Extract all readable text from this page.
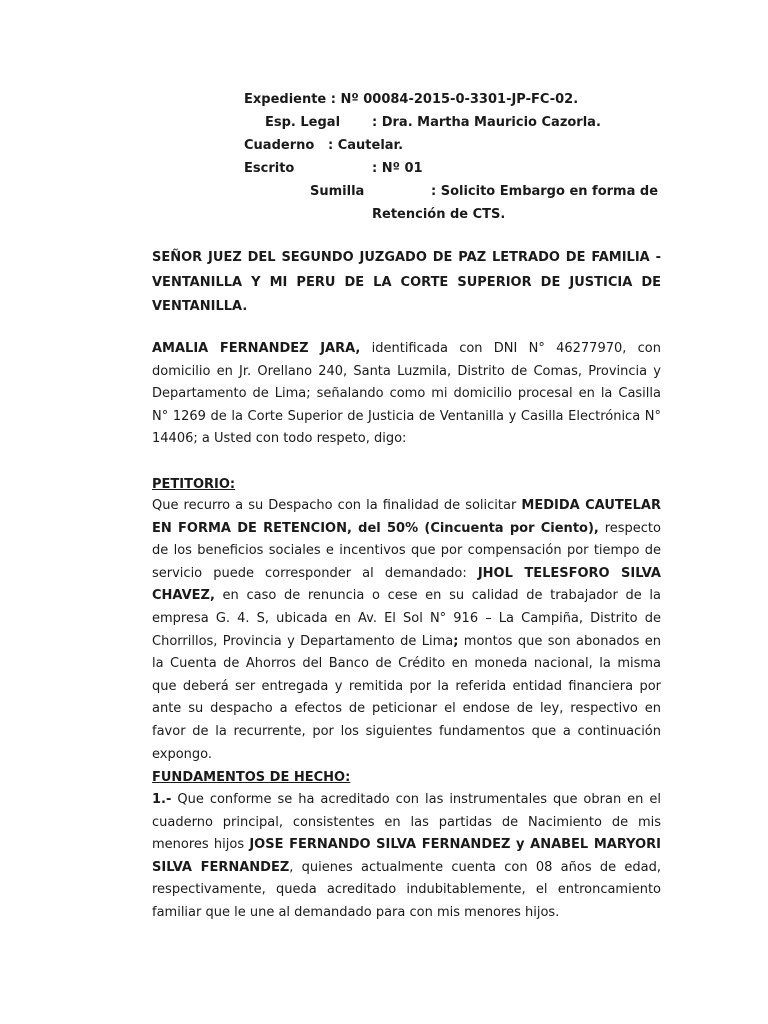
Expediente : Nº 00084-2015-0-3301-JP-FC-02.
Esp. Legal : Dra. Martha Mauricio Cazorla.
Cuaderno : Cautelar.
Escrito	: Nº 01
Sumilla	: Solicito Embargo en forma de
Retención de CTS.

SEÑOR JUEZ DEL SEGUNDO JUZGADO DE PAZ LETRADO DE FAMILIA - VENTANILLA Y MI PERU DE LA CORTE SUPERIOR DE JUSTICIA DE VENTANILLA.

AMALIA FERNANDEZ JARA, identificada con DNI N° 46277970, con domicilio en Jr. Orellano 240, Santa Luzmila, Distrito de Comas, Provincia y Departamento de Lima; señalando como mi domicilio procesal en la Casilla N° 1269 de la Corte Superior de Justicia de Ventanilla y Casilla Electrónica N° 14406; a Usted con todo respeto, digo:

PETITORIO:

Que recurro a su Despacho con la finalidad de solicitar MEDIDA CAUTELAR EN FORMA DE RETENCION, del 50% (Cincuenta por Ciento), respecto de los beneficios sociales e incentivos que por compensación por tiempo de servicio puede corresponder al demandado: JHOL TELESFORO SILVA CHAVEZ, en caso de renuncia o cese en su calidad de trabajador de la empresa G. 4. S, ubicada en Av. El Sol N° 916 – La Campiña, Distrito de Chorrillos, Provincia y Departamento de Lima; montos que son abonados en la Cuenta de Ahorros del Banco de Crédito en moneda nacional, la misma que deberá ser entregada y remitida por la referida entidad financiera por ante su despacho a efectos de peticionar el endose de ley, respectivo en favor de la recurrente, por los siguientes fundamentos que a continuación expongo.

FUNDAMENTOS DE HECHO:

1.- Que conforme se ha acreditado con las instrumentales que obran en el cuaderno principal, consistentes en las partidas de Nacimiento de mis menores hijos JOSE FERNANDO SILVA FERNANDEZ y ANABEL MARYORI SILVA FERNANDEZ, quienes actualmente cuenta con 08 años de edad, respectivamente, queda acreditado indubitablemente, el entroncamiento familiar que le une al demandado para con mis menores hijos.
